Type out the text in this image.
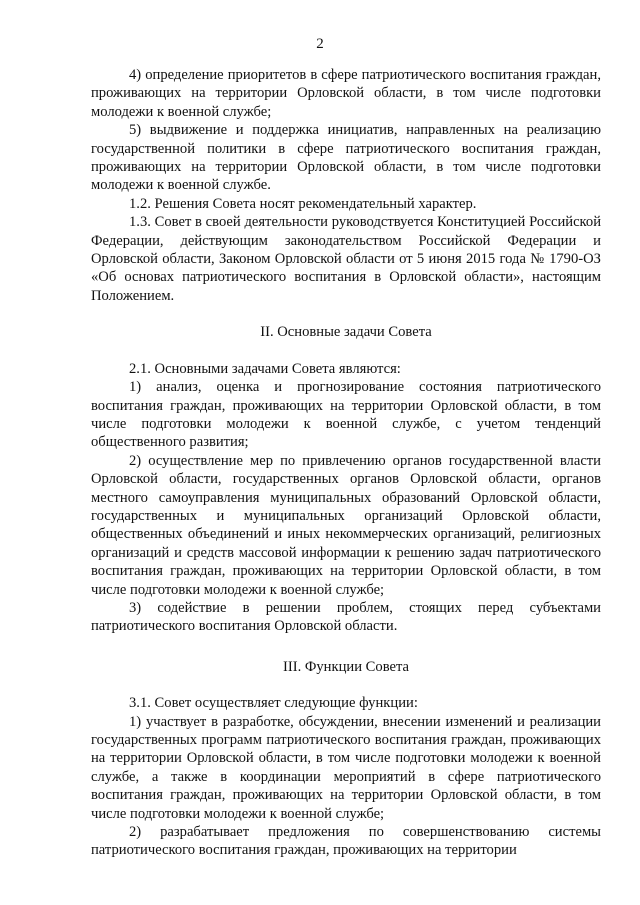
2

4) определение приоритетов в сфере патриотического воспитания граждан, проживающих на территории Орловской области, в том числе подготовки молодежи к военной службе;

5) выдвижение и поддержка инициатив, направленных на реализацию государственной политики в сфере патриотического воспитания граждан, проживающих на территории Орловской области, в том числе подготовки молодежи к военной службе.

1.2. Решения Совета носят рекомендательный характер.

1.3. Совет в своей деятельности руководствуется Конституцией Российской Федерации, действующим законодательством Российской Федерации и Орловской области, Законом Орловской области от 5 июня 2015 года № 1790-ОЗ «Об основах патриотического воспитания в Орловской области», настоящим Положением.

II. Основные задачи Совета

2.1. Основными задачами Совета являются:

1) анализ, оценка и прогнозирование состояния патриотического воспитания граждан, проживающих на территории Орловской области, в том числе подготовки молодежи к военной службе, с учетом тенденций общественного развития;

2) осуществление мер по привлечению органов государственной власти Орловской области, государственных органов Орловской области, органов местного самоуправления муниципальных образований Орловской области, государственных и муниципальных организаций Орловской области, общественных объединений и иных некоммерческих организаций, религиозных организаций и средств массовой информации к решению задач патриотического воспитания граждан, проживающих на территории Орловской области, в том числе подготовки молодежи к военной службе;

3) содействие в решении проблем, стоящих перед субъектами патриотического воспитания Орловской области.

III. Функции Совета

3.1. Совет осуществляет следующие функции:

1) участвует в разработке, обсуждении, внесении изменений и реализации государственных программ патриотического воспитания граждан, проживающих на территории Орловской области, в том числе подготовки молодежи к военной службе, а также в координации мероприятий в сфере патриотического воспитания граждан, проживающих на территории Орловской области, в том числе подготовки молодежи к военной службе;

2) разрабатывает предложения по совершенствованию системы патриотического воспитания граждан, проживающих на территории
